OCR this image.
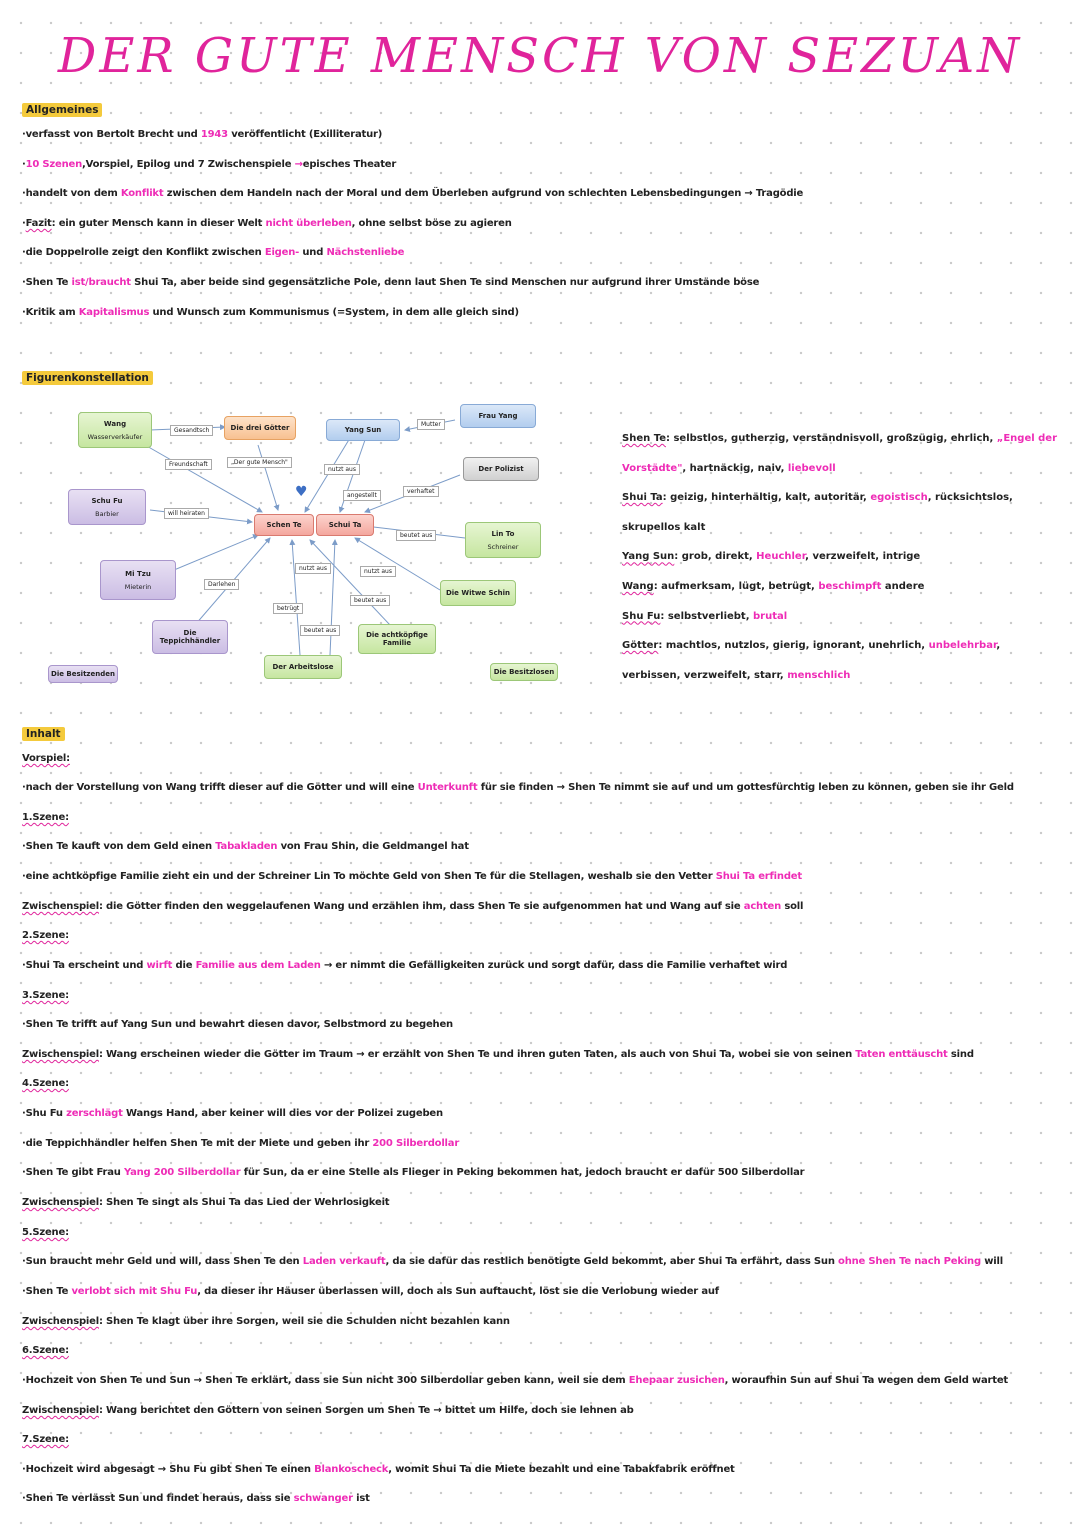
DER GUTE MENSCH VON SEZUAN
Allgemeines
·verfasst von Bertolt Brecht und 1943 veröffentlicht (Exilliteratur)
·10 Szenen,Vorspiel, Epilog und 7 Zwischenspiele →episches Theater
·handelt von dem Konflikt zwischen dem Handeln nach der Moral und dem Überleben aufgrund von schlechten Lebensbedingungen → Tragödie
·Fazit: ein guter Mensch kann in dieser Welt nicht überleben, ohne selbst böse zu agieren
·die Doppelrolle zeigt den Konflikt zwischen Eigen- und Nächstenliebe
·Shen Te ist/braucht Shui Ta, aber beide sind gegensätzliche Pole, denn laut Shen Te sind Menschen nur aufgrund ihrer Umstände böse
·Kritik am Kapitalismus und Wunsch zum Kommunismus (=System, in dem alle gleich sind)
Figurenkonstellation
Wang
Wasserverkäufer
Die drei Götter	Yang Sun
Frau Yang
Der Polizist
Schu Fu
Barbier
Schen Te	Schui Ta
Lin To
Schreiner
Mi Tzu
Mieterin
Die Witwe Schin
Die Teppichhändler
Die achtköpfige Familie
Der Arbeitslose
Die Besitzenden	Die Besitzlosen
♥
Gesandtsch
Freundschaft	„Der gute Mensch"
Mutter
nutzt aus
angestellt
verhaftet
will heiraten
beutet aus
nutzt aus	nutzt aus
beutet aus
Darlehen
betrügt
beutet aus
Shen Te: selbstlos, gutherzig, verständnisvoll, großzügig, ehrlich, „Engel der Vorstädte", hartnäckig, naiv, liebevoll
Shui Ta: geizig, hinterhältig, kalt, autoritär, egoistisch, rücksichtslos, skrupellos kalt
Yang Sun: grob, direkt, Heuchler, verzweifelt, intrige
Wang: aufmerksam, lügt, betrügt, beschimpft andere
Shu Fu: selbstverliebt, brutal
Götter: machtlos, nutzlos, gierig, ignorant, unehrlich, unbelehrbar, verbissen, verzweifelt, starr, menschlich
Inhalt
Vorspiel:
·nach der Vorstellung von Wang trifft dieser auf die Götter und will eine Unterkunft für sie finden → Shen Te nimmt sie auf und um gottesfürchtig leben zu können, geben sie ihr Geld
1.Szene:
·Shen Te kauft von dem Geld einen Tabakladen von Frau Shin, die Geldmangel hat
·eine achtköpfige Familie zieht ein und der Schreiner Lin To möchte Geld von Shen Te für die Stellagen, weshalb sie den Vetter Shui Ta erfindet
Zwischenspiel: die Götter finden den weggelaufenen Wang und erzählen ihm, dass Shen Te sie aufgenommen hat und Wang auf sie achten soll
2.Szene:
·Shui Ta erscheint und wirft die Familie aus dem Laden → er nimmt die Gefälligkeiten zurück und sorgt dafür, dass die Familie verhaftet wird
3.Szene:
·Shen Te trifft auf Yang Sun und bewahrt diesen davor, Selbstmord zu begehen
Zwischenspiel: Wang erscheinen wieder die Götter im Traum → er erzählt von Shen Te und ihren guten Taten, als auch von Shui Ta, wobei sie von seinen Taten enttäuscht sind
4.Szene:
·Shu Fu zerschlägt Wangs Hand, aber keiner will dies vor der Polizei zugeben
·die Teppichhändler helfen Shen Te mit der Miete und geben ihr 200 Silberdollar
·Shen Te gibt Frau Yang 200 Silberdollar für Sun, da er eine Stelle als Flieger in Peking bekommen hat, jedoch braucht er dafür 500 Silberdollar
Zwischenspiel: Shen Te singt als Shui Ta das Lied der Wehrlosigkeit
5.Szene:
·Sun braucht mehr Geld und will, dass Shen Te den Laden verkauft, da sie dafür das restlich benötigte Geld bekommt, aber Shui Ta erfährt, dass Sun ohne Shen Te nach Peking will
·Shen Te verlobt sich mit Shu Fu, da dieser ihr Häuser überlassen will, doch als Sun auftaucht, löst sie die Verlobung wieder auf
Zwischenspiel: Shen Te klagt über ihre Sorgen, weil sie die Schulden nicht bezahlen kann
6.Szene:
·Hochzeit von Shen Te und Sun → Shen Te erklärt, dass sie Sun nicht 300 Silberdollar geben kann, weil sie dem Ehepaar zusichen, woraufhin Sun auf Shui Ta wegen dem Geld wartet
Zwischenspiel: Wang berichtet den Göttern von seinen Sorgen um Shen Te → bittet um Hilfe, doch sie lehnen ab
7.Szene:
·Hochzeit wird abgesagt → Shu Fu gibt Shen Te einen Blankoscheck, womit Shui Ta die Miete bezahlt und eine Tabakfabrik eröffnet
·Shen Te verlässt Sun und findet heraus, dass sie schwanger ist
